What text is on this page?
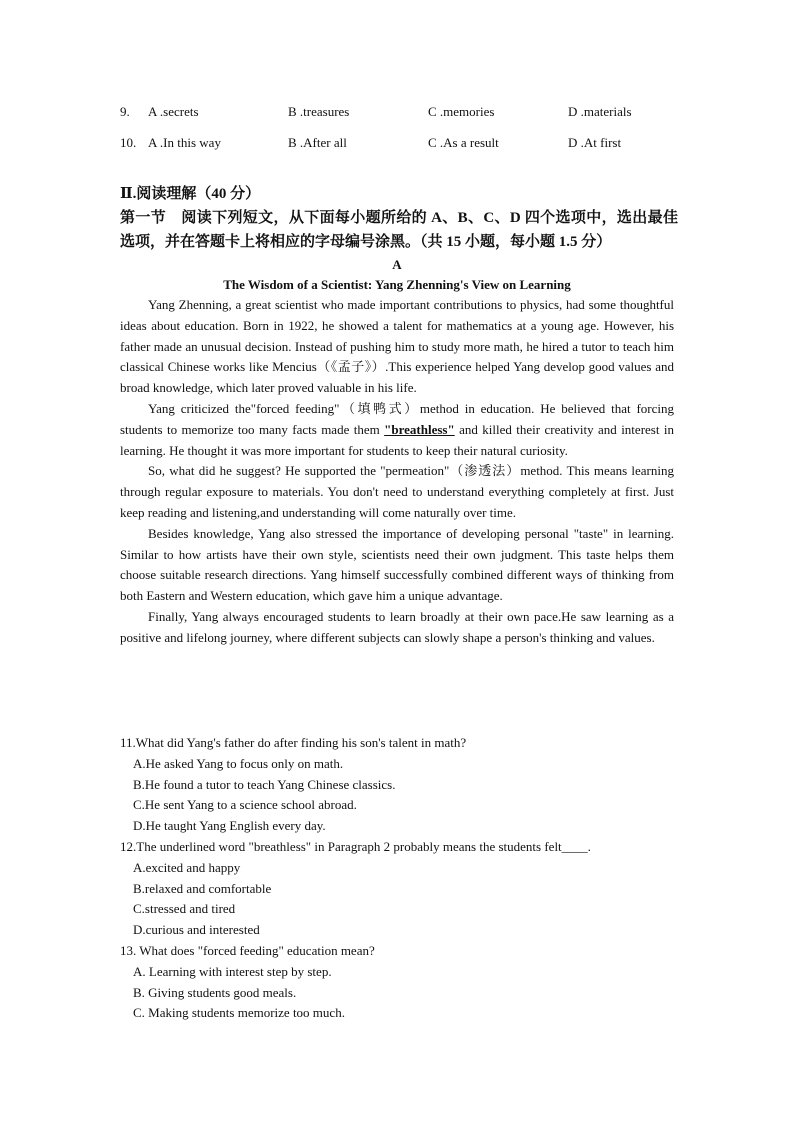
9. A .secrets	B .treasures	C .memories	D .materials
10. A .In this way	B .After all	C .As a result	D .At first
Ⅱ.阅读理解（40 分）
第一节　阅读下列短文，从下面每小题所给的 A、B、C、D 四个选项中，选出最佳选项，并在答题卡上将相应的字母编号涂黑。（共 15 小题，每小题 1.5 分）
A
The Wisdom of a Scientist: Yang Zhenning's View on Learning

Yang Zhenning, a great scientist who made important contributions to physics, had some thoughtful ideas about education. Born in 1922, he showed a talent for mathematics at a young age. However, his father made an unusual decision. Instead of pushing him to study more math, he hired a tutor to teach him classical Chinese works like Mencius（《孟子》）.This experience helped Yang develop good values and broad knowledge, which later proved valuable in his life.

Yang criticized the"forced feeding"（填鸭式）method in education. He believed that forcing students to memorize too many facts made them "breathless" and killed their creativity and interest in learning. He thought it was more important for students to keep their natural curiosity.

So, what did he suggest? He supported the "permeation"（渗透法）method. This means learning through regular exposure to materials. You don't need to understand everything completely at first. Just keep reading and listening,and understanding will come naturally over time.

Besides knowledge, Yang also stressed the importance of developing personal "taste" in learning. Similar to how artists have their own style, scientists need their own judgment. This taste helps them choose suitable research directions. Yang himself successfully combined different ways of thinking from both Eastern and Western education, which gave him a unique advantage.

Finally, Yang always encouraged students to learn broadly at their own pace.He saw learning as a positive and lifelong journey, where different subjects can slowly shape a person's thinking and values.

11.What did Yang's father do after finding his son's talent in math?

A.He asked Yang to focus only on math.

B.He found a tutor to teach Yang Chinese classics.

C.He sent Yang to a science school abroad.

D.He taught Yang English every day.

12.The underlined word "breathless" in Paragraph 2 probably means the students felt____.

A.excited and happy

B.relaxed and comfortable

C.stressed and tired

D.curious and interested

13. What does "forced feeding" education mean?

A. Learning with interest step by step.

B. Giving students good meals.

C. Making students memorize too much.
